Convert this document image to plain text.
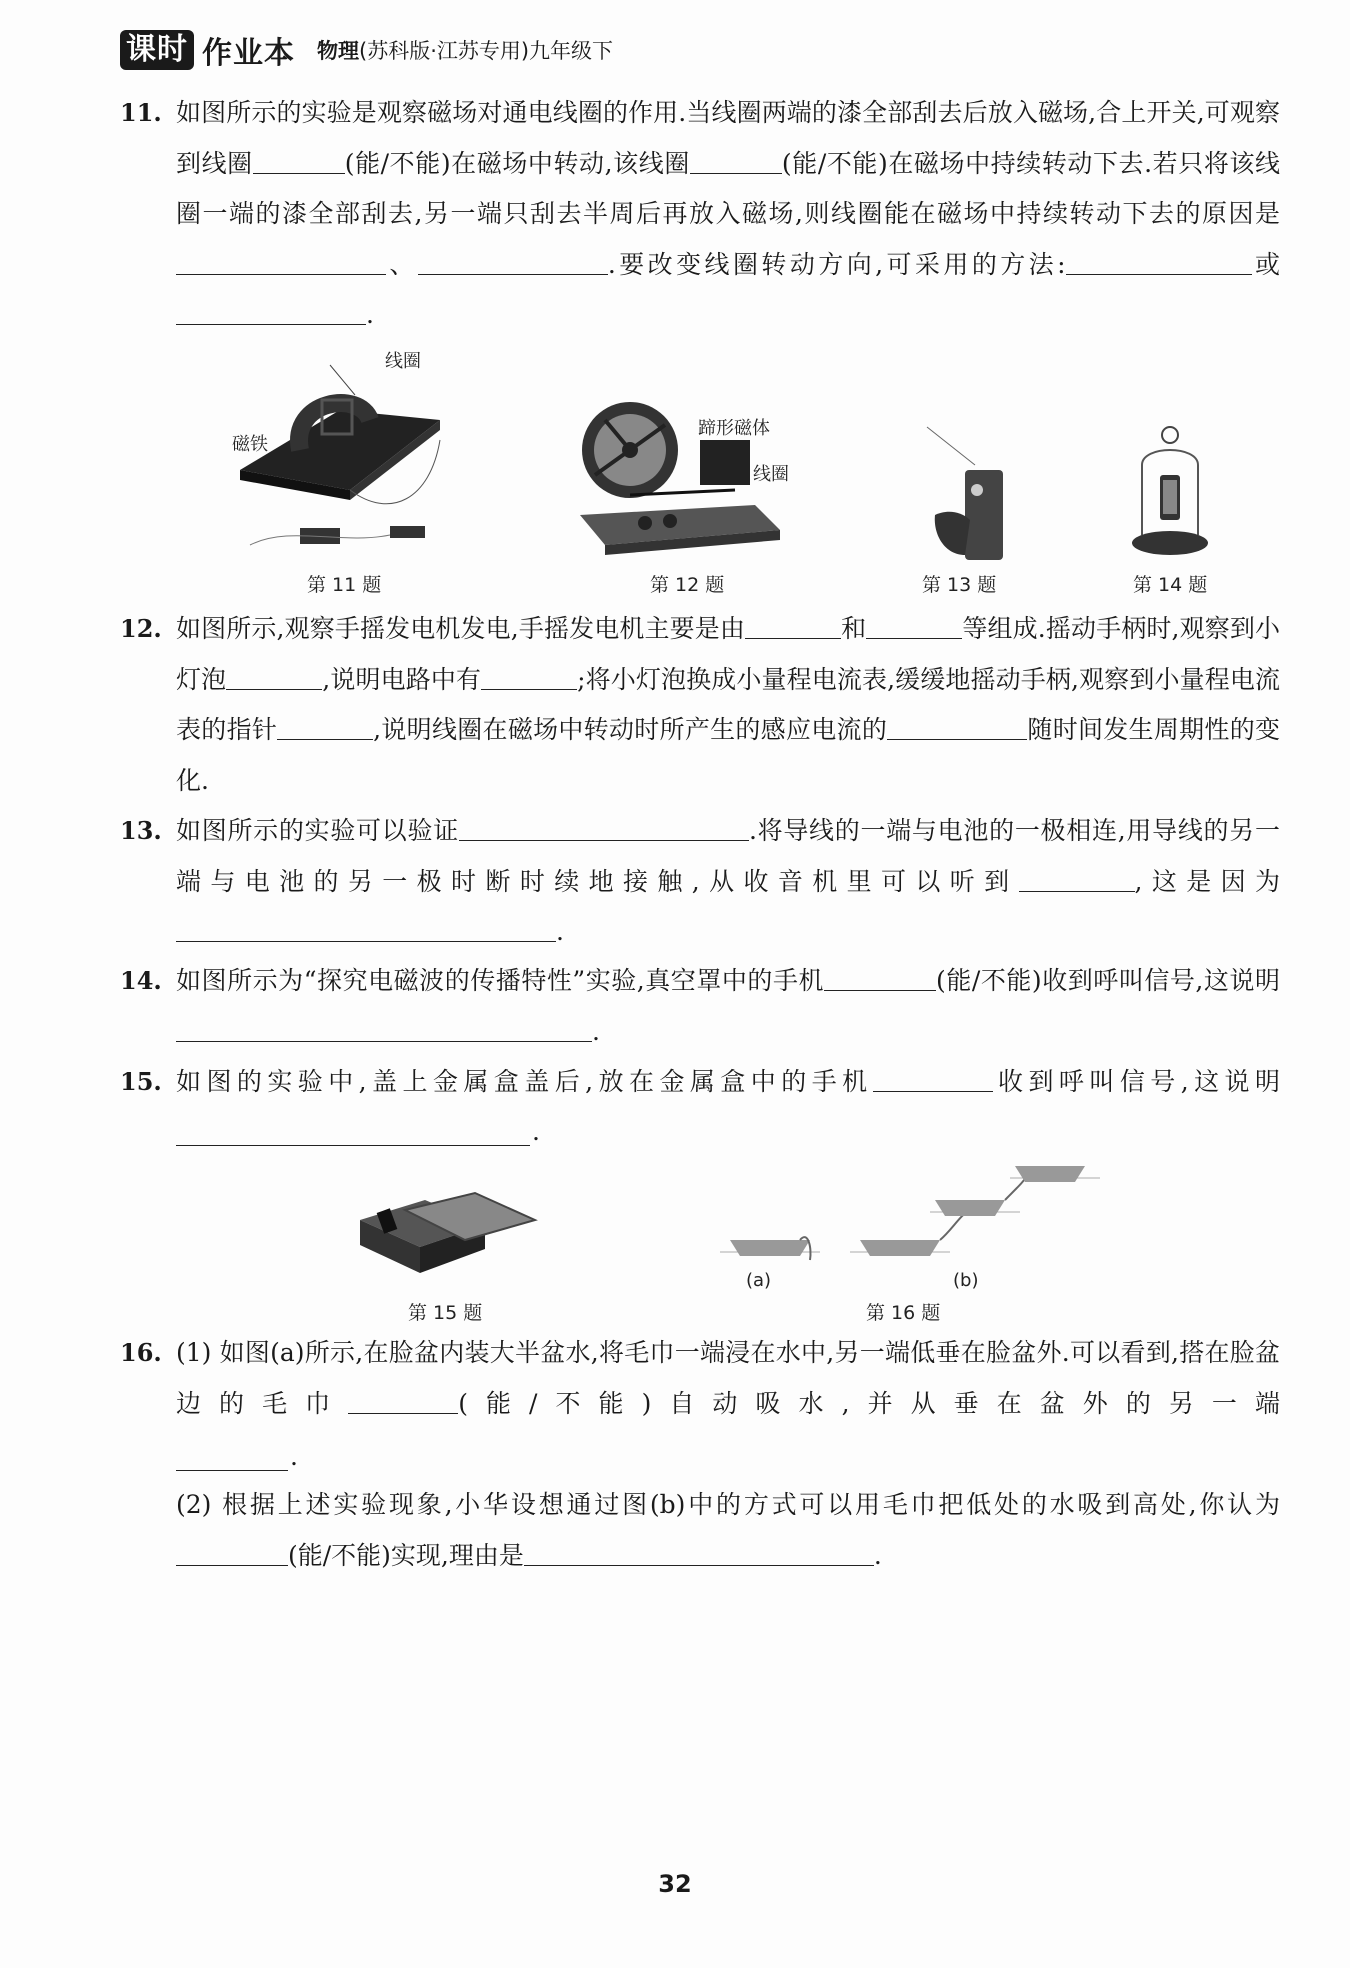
课时 作业本 物理(苏科版·江苏专用)九年级下
11. 如图所示的实验是观察磁场对通电线圈的作用.当线圈两端的漆全部刮去后放入磁场,合上开关,可观察到线圈	(能/不能)在磁场中转动,该线圈	(能/不能)在磁场中持续转动下去.若只将该线圈一端的漆全部刮去,另一端只刮去半周后再放入磁场,则线圈能在磁场中持续转动下去的原因是、	.要改变线圈转动方向,可采用的方法:	或.
线圈
磁铁
第 11 题
蹄形磁体
线圈
第 12 题	第 13 题	第 14 题
12. 如图所示,观察手摇发电机发电,手摇发电机主要是由	和	等组成.摇动手柄时,观察到小灯泡	,说明电路中有	;将小灯泡换成小量程电流表,缓缓地摇动手柄,观察到小量程电流表的指针	,说明线圈在磁场中转动时所产生的感应电流的	随时间发生周期性的变化.
13. 如图所示的实验可以验证	.将导线的一端与电池的一极相连,用导线的另一端与电池的另一极时断时续地接触,从收音机里可以听到	,这是因为.
14. 如图所示为“探究电磁波的传播特性”实验,真空罩中的手机	(能/不能)收到呼叫信号,这说明.
15. 如图的实验中,盖上金属盒盖后,放在金属盒中的手机	收到呼叫信号,这说明
.
第 15 题
(a)	(b)
第 16 题
16. (1) 如图(a)所示,在脸盆内装大半盆水,将毛巾一端浸在水中,另一端低垂在脸盆外.可以看到,搭在脸盆边的毛巾	(能/不能)自动吸水,并从垂在盆外的另一端
.
(2) 根据上述实验现象,小华设想通过图(b)中的方式可以用毛巾把低处的水吸到高处,你认为(能/不能)实现,理由是	.
32
